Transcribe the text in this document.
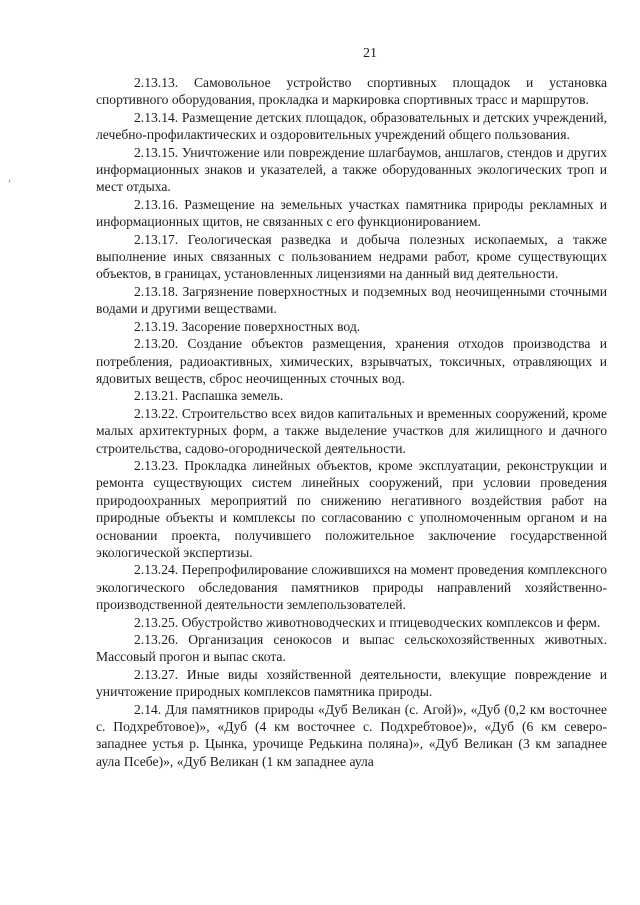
21
ʹ

2.13.13. Самовольное устройство спортивных площадок и установка спортивного оборудования, прокладка и маркировка спортивных трасс и маршрутов.

2.13.14. Размещение детских площадок, образовательных и детских учреждений, лечебно-профилактических и оздоровительных учреждений общего пользования.

2.13.15. Уничтожение или повреждение шлагбаумов, аншлагов, стендов и других информационных знаков и указателей, а также оборудованных экологических троп и мест отдыха.

2.13.16. Размещение на земельных участках памятника природы рекламных и информационных щитов, не связанных с его функционированием.

2.13.17. Геологическая разведка и добыча полезных ископаемых, а также выполнение иных связанных с пользованием недрами работ, кроме существующих объектов, в границах, установленных лицензиями на данный вид деятельности.

2.13.18. Загрязнение поверхностных и подземных вод неочищенными сточными водами и другими веществами.

2.13.19. Засорение поверхностных вод.

2.13.20. Создание объектов размещения, хранения отходов производства и потребления, радиоактивных, химических, взрывчатых, токсичных, отравляющих и ядовитых веществ, сброс неочищенных сточных вод.

2.13.21. Распашка земель.

2.13.22. Строительство всех видов капитальных и временных сооружений, кроме малых архитектурных форм, а также выделение участков для жилищного и дачного строительства, садово-огороднической деятельности.

2.13.23. Прокладка линейных объектов, кроме эксплуатации, реконструкции и ремонта существующих систем линейных сооружений, при условии проведения природоохранных мероприятий по снижению негативного воздействия работ на природные объекты и комплексы по согласованию с уполномоченным органом и на основании проекта, получившего положительное заключение государственной экологической экспертизы.

2.13.24. Перепрофилирование сложившихся на момент проведения комплексного экологического обследования памятников природы направлений хозяйственно-производственной деятельности землепользователей.

2.13.25. Обустройство животноводческих и птицеводческих комплексов и ферм.

2.13.26. Организация сенокосов и выпас сельскохозяйственных животных. Массовый прогон и выпас скота.

2.13.27. Иные виды хозяйственной деятельности, влекущие повреждение и уничтожение природных комплексов памятника природы.

2.14. Для памятников природы «Дуб Великан (с. Агой)», «Дуб (0,2 км восточнее с. Подхребтовое)», «Дуб (4 км восточнее с. Подхребтовое)», «Дуб (6 км северо-западнее устья р. Цынка, урочище Редькина поляна)», «Дуб Великан (3 км западнее аула Псебе)», «Дуб Великан (1 км западнее аула
